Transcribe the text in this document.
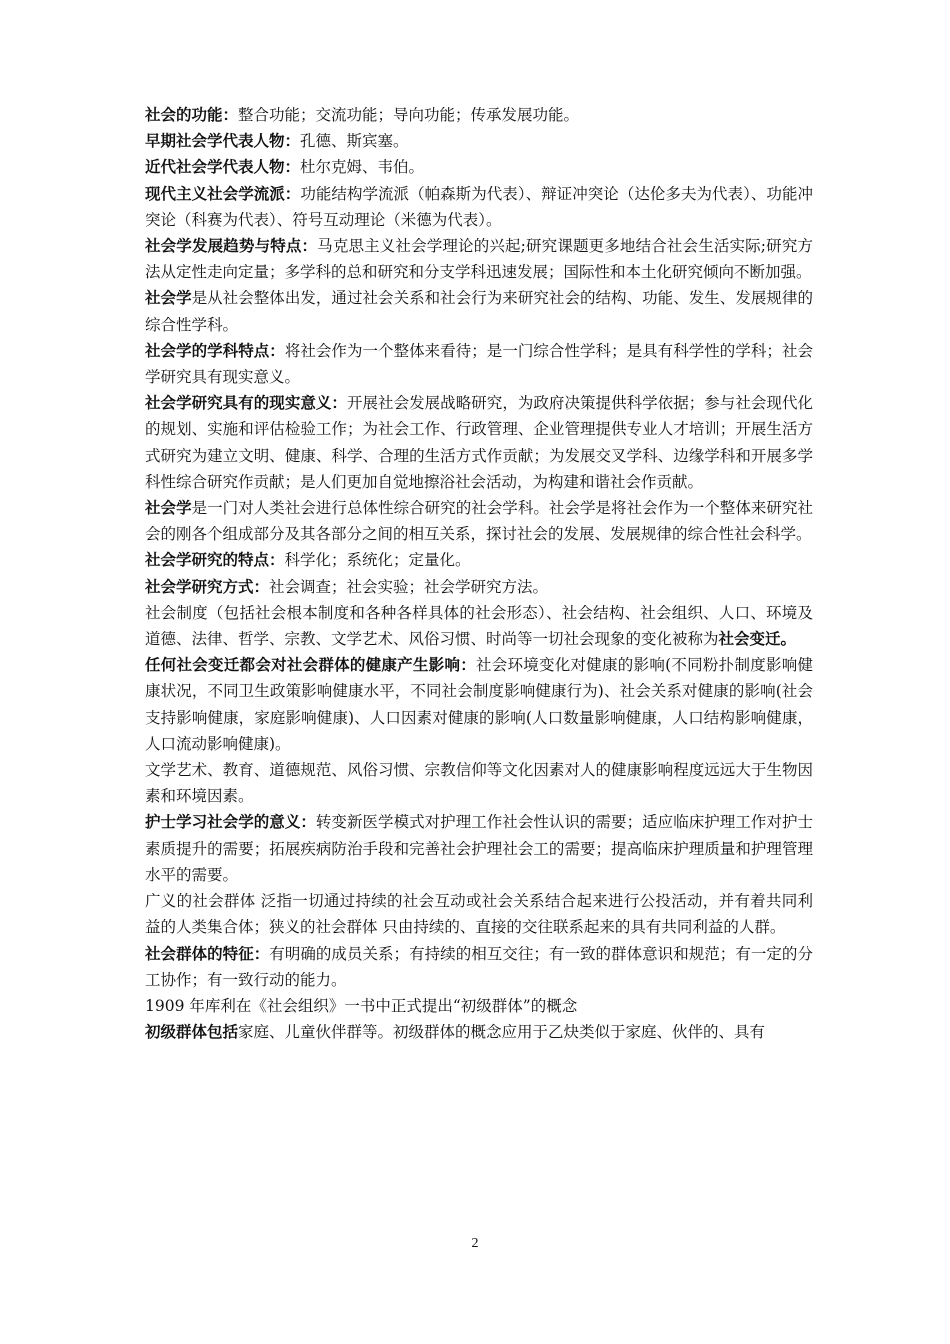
社会的功能：整合功能；交流功能；导向功能；传承发展功能。

早期社会学代表人物：孔德、斯宾塞。

近代社会学代表人物：杜尔克姆、韦伯。

现代主义社会学流派：功能结构学流派（帕森斯为代表）、辩证冲突论（达伦多夫为代表）、功能冲突论（科赛为代表）、符号互动理论（米德为代表）。

社会学发展趋势与特点：马克思主义社会学理论的兴起;研究课题更多地结合社会生活实际;研究方法从定性走向定量；多学科的总和研究和分支学科迅速发展；国际性和本土化研究倾向不断加强。

社会学是从社会整体出发，通过社会关系和社会行为来研究社会的结构、功能、发生、发展规律的综合性学科。

社会学的学科特点：将社会作为一个整体来看待；是一门综合性学科；是具有科学性的学科；社会学研究具有现实意义。

社会学研究具有的现实意义：开展社会发展战略研究，为政府决策提供科学依据；参与社会现代化的规划、实施和评估检验工作；为社会工作、行政管理、企业管理提供专业人才培训；开展生活方式研究为建立文明、健康、科学、合理的生活方式作贡献；为发展交叉学科、边缘学科和开展多学科性综合研究作贡献；是人们更加自觉地擦浴社会活动，为构建和谐社会作贡献。

社会学是一门对人类社会进行总体性综合研究的社会学科。社会学是将社会作为一个整体来研究社会的刚各个组成部分及其各部分之间的相互关系，探讨社会的发展、发展规律的综合性社会科学。

社会学研究的特点：科学化；系统化；定量化。

社会学研究方式：社会调查；社会实验；社会学研究方法。

社会制度（包括社会根本制度和各种各样具体的社会形态）、社会结构、社会组织、人口、环境及道德、法律、哲学、宗教、文学艺术、风俗习惯、时尚等一切社会现象的变化被称为社会变迁。

任何社会变迁都会对社会群体的健康产生影响：社会环境变化对健康的影响(不同粉扑制度影响健康状况，不同卫生政策影响健康水平，不同社会制度影响健康行为)、社会关系对健康的影响(社会支持影响健康，家庭影响健康)、人口因素对健康的影响(人口数量影响健康，人口结构影响健康，人口流动影响健康)。

文学艺术、教育、道德规范、风俗习惯、宗教信仰等文化因素对人的健康影响程度远远大于生物因素和环境因素。

护士学习社会学的意义：转变新医学模式对护理工作社会性认识的需要；适应临床护理工作对护士素质提升的需要；拓展疾病防治手段和完善社会护理社会工的需要；提高临床护理质量和护理管理水平的需要。

广义的社会群体 泛指一切通过持续的社会互动或社会关系结合起来进行公投活动，并有着共同利益的人类集合体；狭义的社会群体 只由持续的、直接的交往联系起来的具有共同利益的人群。

社会群体的特征：有明确的成员关系；有持续的相互交往；有一致的群体意识和规范；有一定的分工协作；有一致行动的能力。

1909 年库利在《社会组织》一书中正式提出“初级群体”的概念

初级群体包括家庭、儿童伙伴群等。初级群体的概念应用于乙炔类似于家庭、伙伴的、具有

2
